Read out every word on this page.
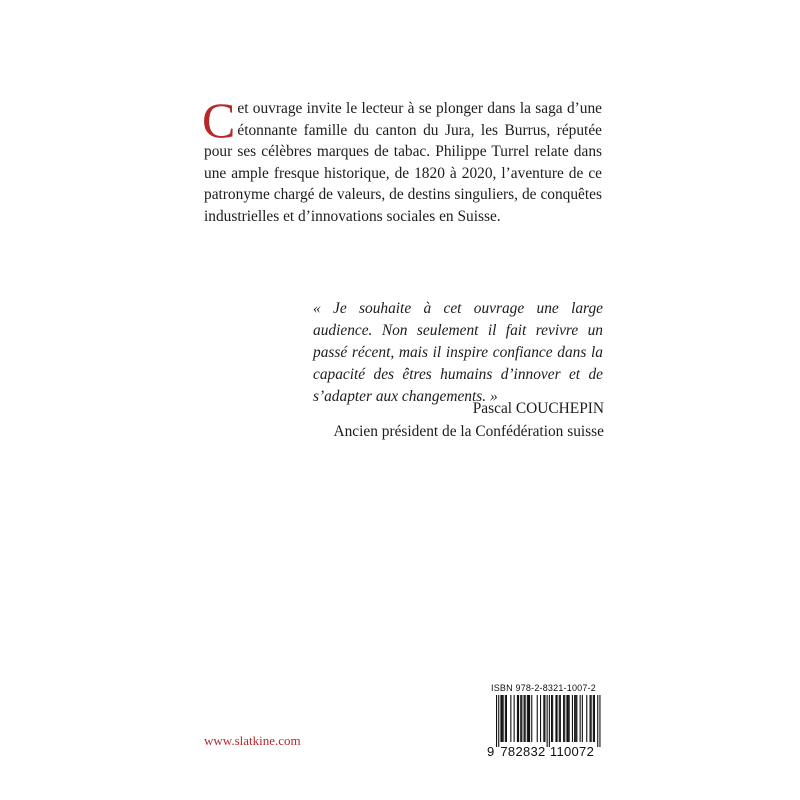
C et ouvrage invite le lecteur à se plonger dans la saga d’une étonnante famille du canton du Jura, les Burrus, réputée pour ses célèbres marques de tabac. Philippe Turrel relate dans une ample fresque historique, de 1820 à 2020, l’aventure de ce patronyme chargé de valeurs, de destins singuliers, de conquêtes industrielles et d’innovations sociales en Suisse.
« Je souhaite à cet ouvrage une large audience. Non seulement il fait revivre un passé récent, mais il inspire confiance dans la capacité des êtres humains d’innover et de s’adapter aux changements. »
Pascal COUCHEPIN
Ancien président de la Confédération suisse
www.slatkine.com
ISBN 978-2-8321-1007-2
9 782832 110072
